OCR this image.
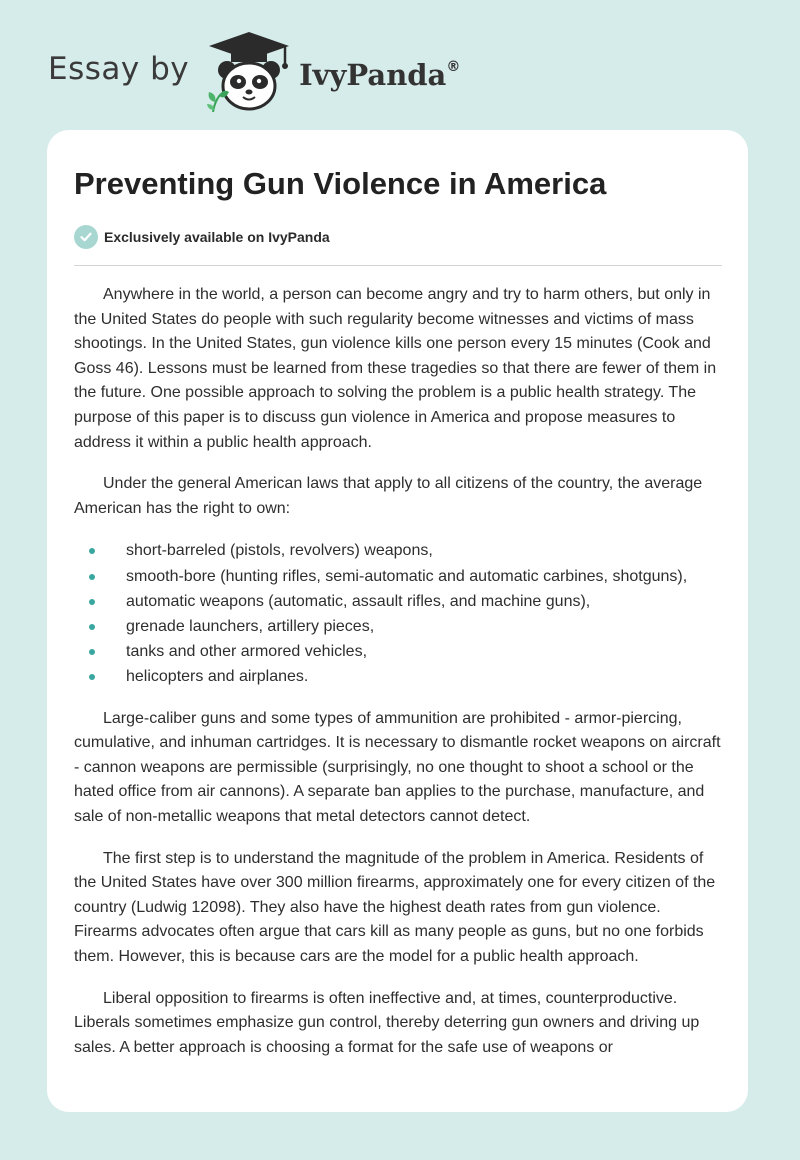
Essay by	IvyPanda®
Preventing Gun Violence in America
Exclusively available on IvyPanda

Anywhere in the world, a person can become angry and try to harm others, but only in the United States do people with such regularity become witnesses and victims of mass shootings. In the United States, gun violence kills one person every 15 minutes (Cook and Goss 46). Lessons must be learned from these tragedies so that there are fewer of them in the future. One possible approach to solving the problem is a public health strategy. The purpose of this paper is to discuss gun violence in America and propose measures to address it within a public health approach.

Under the general American laws that apply to all citizens of the country, the average American has the right to own:

short-barreled (pistols, revolvers) weapons,
smooth-bore (hunting rifles, semi-automatic and automatic carbines, shotguns),
automatic weapons (automatic, assault rifles, and machine guns),
grenade launchers, artillery pieces,
tanks and other armored vehicles,
helicopters and airplanes.

Large-caliber guns and some types of ammunition are prohibited - armor-piercing, cumulative, and inhuman cartridges. It is necessary to dismantle rocket weapons on aircraft - cannon weapons are permissible (surprisingly, no one thought to shoot a school or the hated office from air cannons). A separate ban applies to the purchase, manufacture, and sale of non-metallic weapons that metal detectors cannot detect.

The first step is to understand the magnitude of the problem in America. Residents of the United States have over 300 million firearms, approximately one for every citizen of the country (Ludwig 12098). They also have the highest death rates from gun violence. Firearms advocates often argue that cars kill as many people as guns, but no one forbids them. However, this is because cars are the model for a public health approach.

Liberal opposition to firearms is often ineffective and, at times, counterproductive. Liberals sometimes emphasize gun control, thereby deterring gun owners and driving up sales. A better approach is choosing a format for the safe use of weapons or
